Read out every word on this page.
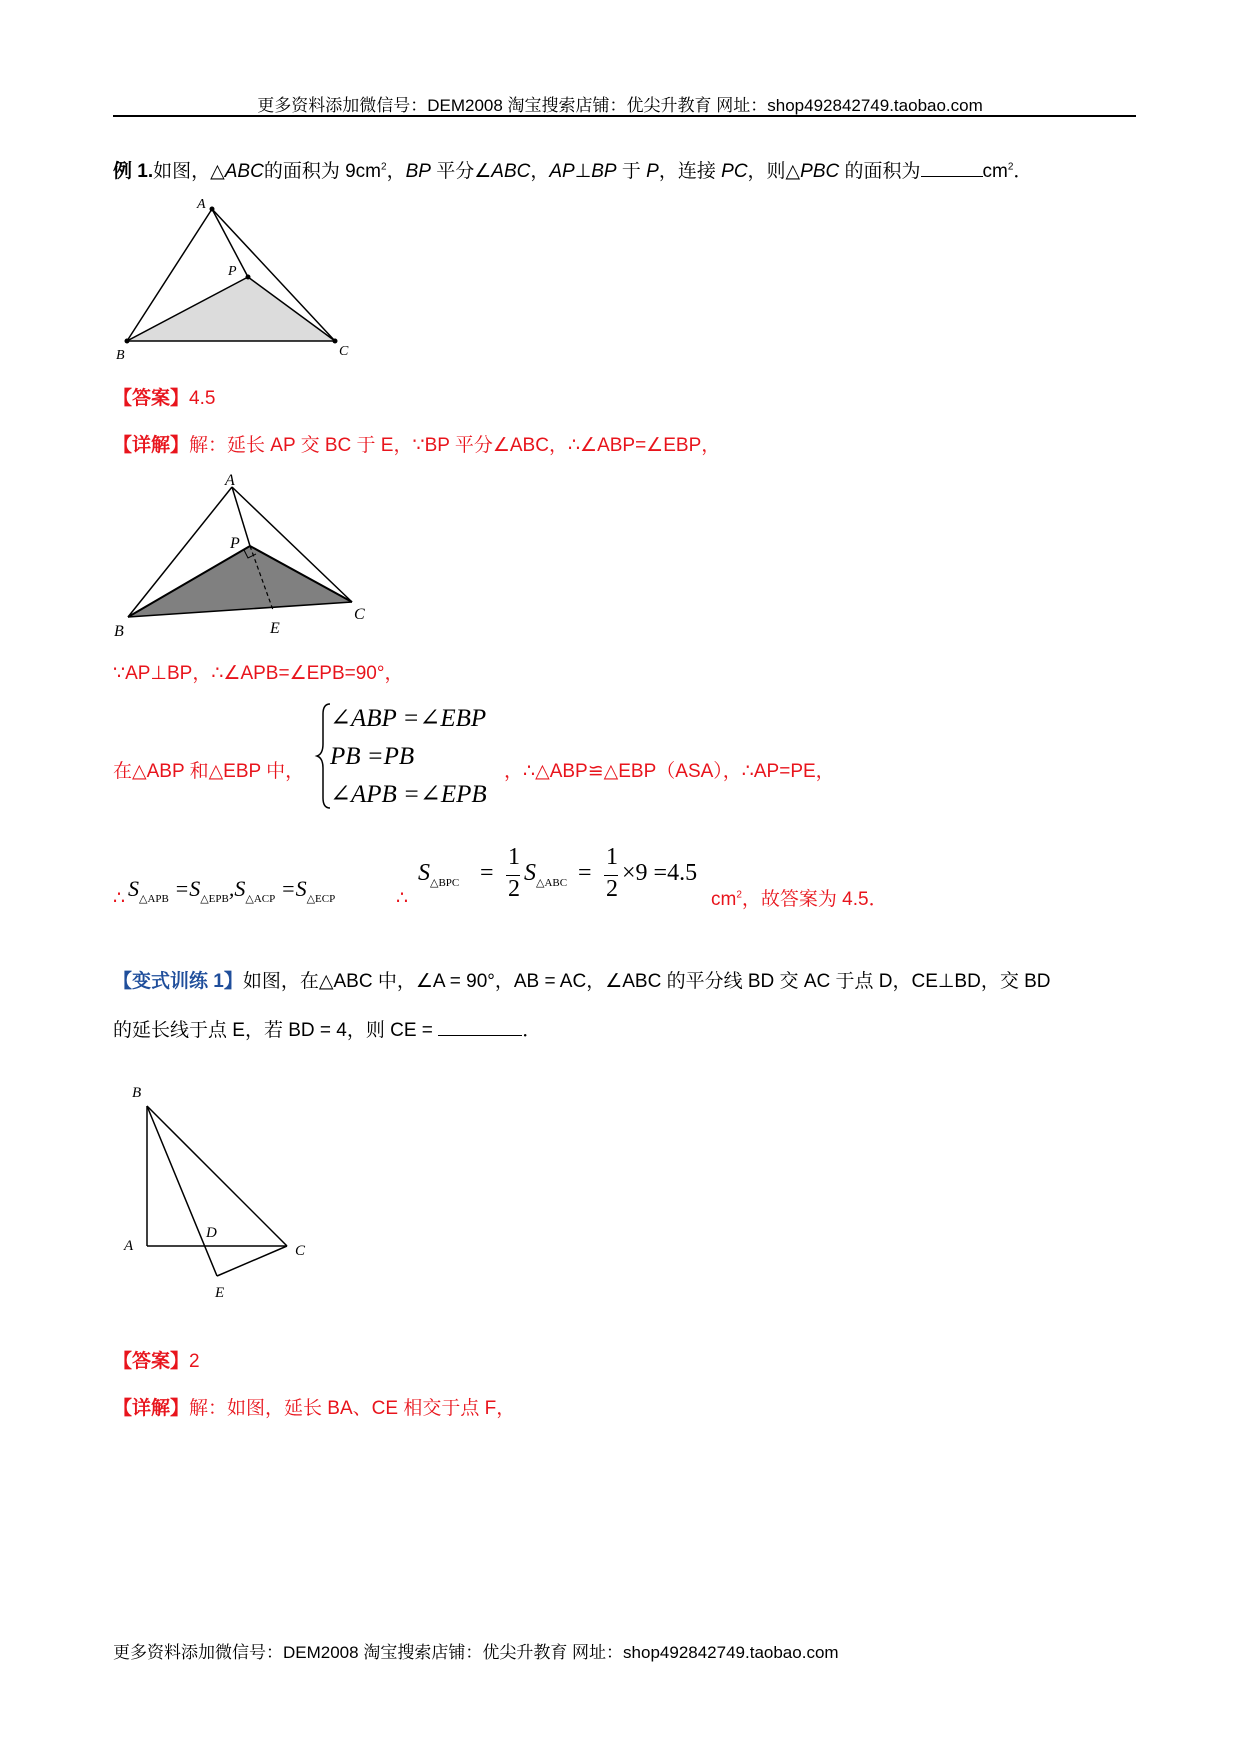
更多资料添加微信号：DEM2008 淘宝搜索店铺：优尖升教育 网址：shop492842749.taobao.com
例 1.如图，△ABC的面积为 $9cm^2$，BP 平分∠ABC，AP⊥BP 于 P，连接 PC，则△PBC 的面积为	$cm^2$．
A
P
B	C
【答案】4.5
【详解】解：延长 AP 交 BC 于 E，∵BP 平分∠ABC，∴∠ABP=∠EBP，
A
P
B	E
C
∵AP⊥BP，∴∠APB=∠EPB=90°，
在△ABP 和△EBP 中，
∠ABP =∠EBP
PB =PB
∠APB =∠EPB
，∴△ABP≌△EBP（ASA），∴AP=PE，
∴ $S_{\triangle APB} =S_{\triangle EPB},S_{\triangle ACP} =S_{\triangle ECP}$	∴
$S_{\triangle BPC}$ =
1
2
$S_{\triangle ABC}$ =
1
2
×9 =4.5
$cm^2$，故答案为 4.5．
【变式训练 1】如图，在△ABC 中，∠A = 90°，AB = AC，∠ABC 的平分线 BD 交 AC 于点 D，CE⊥BD，交 BD
的延长线于点 E，若 BD = 4，则 CE =	．
B
A
D
C
E
【答案】2
【详解】解：如图，延长 BA、CE 相交于点 F，
更多资料添加微信号：DEM2008 淘宝搜索店铺：优尖升教育 网址：shop492842749.taobao.com
